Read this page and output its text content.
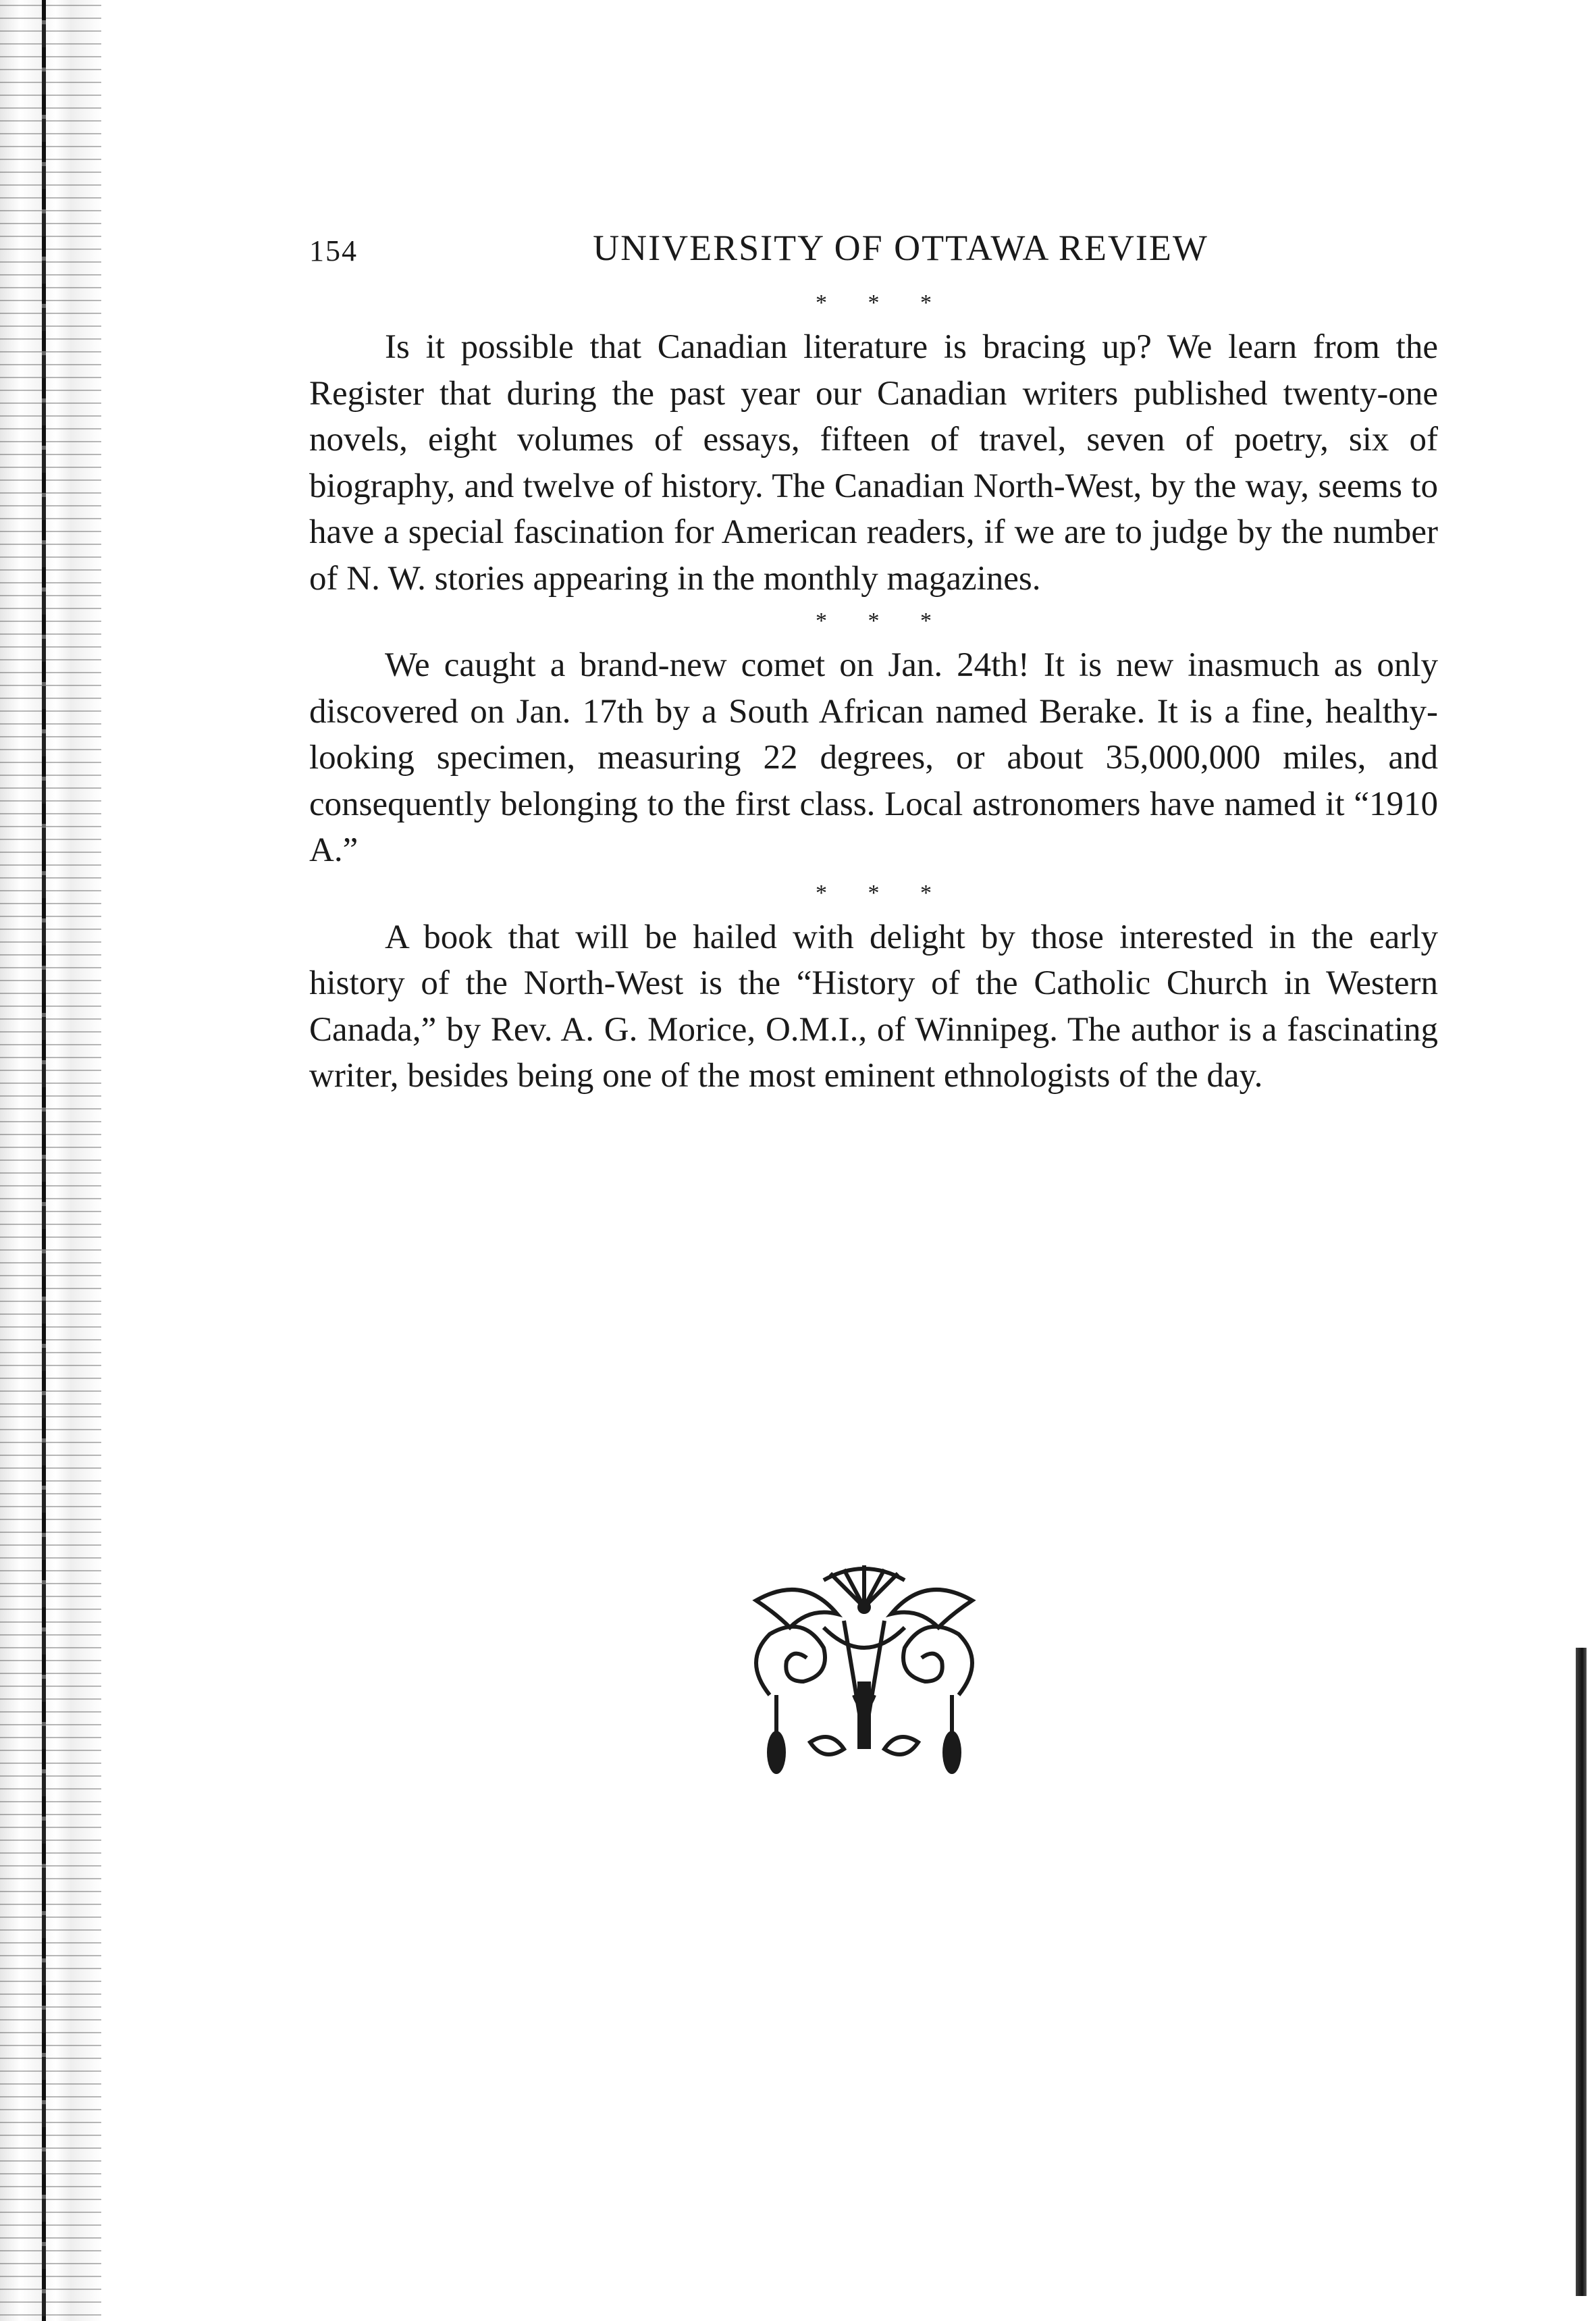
154	UNIVERSITY OF OTTAWA REVIEW
* * *

Is it possible that Canadian literature is bracing up? We learn from the Register that during the past year our Canadian writers published twenty-one novels, eight volumes of essays, fifteen of travel, seven of poetry, six of biography, and twelve of history. The Canadian North-West, by the way, seems to have a special fascination for American readers, if we are to judge by the number of N. W. stories appearing in the monthly magazines.

* * *

We caught a brand-new comet on Jan. 24th! It is new inasmuch as only discovered on Jan. 17th by a South African named Berake. It is a fine, healthy-looking specimen, measuring 22 degrees, or about 35,000,000 miles, and consequently belonging to the first class. Local astronomers have named it “1910 A.”

* * *

A book that will be hailed with delight by those interested in the early history of the North-West is the “History of the Catholic Church in Western Canada,” by Rev. A. G. Morice, O.M.I., of Winnipeg. The author is a fascinating writer, besides being one of the most eminent ethnologists of the day.
